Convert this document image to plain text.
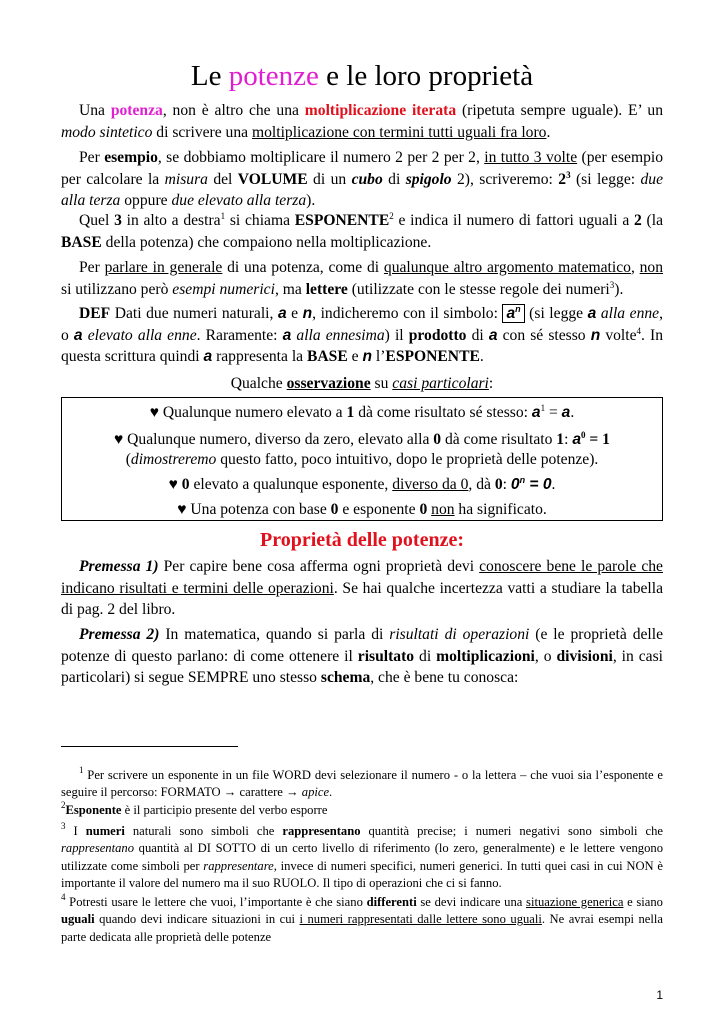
Le potenze e le loro proprietà

Una potenza, non è altro che una moltiplicazione iterata (ripetuta sempre uguale). E’ un modo sintetico di scrivere una moltiplicazione con termini tutti uguali fra loro.

Per esempio, se dobbiamo moltiplicare il numero 2 per 2 per 2, in tutto 3 volte (per esempio per calcolare la misura del VOLUME di un cubo di spigolo 2), scriveremo: $2^3$ (si legge: due alla terza oppure due elevato alla terza).

Quel 3 in alto a destra$^1$ si chiama ESPONENTE$^2$ e indica il numero di fattori uguali a 2 (la BASE della potenza) che compaiono nella moltiplicazione.

Per parlare in generale di una potenza, come di qualunque altro argomento matematico, non si utilizzano però esempi numerici, ma lettere (utilizzate con le stesse regole dei numeri$^3$).

DEF Dati due numeri naturali, a e n, indicheremo con il simbolo: $a^n$ (si legge a alla enne, o a elevato alla enne. Raramente: a alla ennesima) il prodotto di a con sé stesso n volte$^4$. In questa scrittura quindi a rappresenta la BASE e n l’ESPONENTE.

Qualche osservazione su casi particolari:

♥ Qualunque numero elevato a 1 dà come risultato sé stesso: $a^1 = a$.
♥ Qualunque numero, diverso da zero, elevato alla 0 dà come risultato 1: $a^0 = 1$
(dimostreremo questo fatto, poco intuitivo, dopo le proprietà delle potenze).
♥ 0 elevato a qualunque esponente, diverso da 0, dà 0: $0^n = 0$.
♥ Una potenza con base 0 e esponente 0 non ha significato.
Proprietà delle potenze:

Premessa 1) Per capire bene cosa afferma ogni proprietà devi conoscere bene le parole che indicano risultati e termini delle operazioni. Se hai qualche incertezza vatti a studiare la tabella di pag. 2 del libro.

Premessa 2) In matematica, quando si parla di risultati di operazioni (e le proprietà delle potenze di questo parlano: di come ottenere il risultato di moltiplicazioni, o divisioni, in casi particolari) si segue SEMPRE uno stesso schema, che è bene tu conosca:

$^1$ Per scrivere un esponente in un file WORD devi selezionare il numero - o la lettera – che vuoi sia l’esponente e seguire il percorso: FORMATO → carattere → apice.

$^2$Esponente è il participio presente del verbo esporre

$^3$ I numeri naturali sono simboli che rappresentano quantità precise; i numeri negativi sono simboli che rappresentano quantità al DI SOTTO di un certo livello di riferimento (lo zero, generalmente) e le lettere vengono utilizzate come simboli per rappresentare, invece di numeri specifici, numeri generici. In tutti quei casi in cui NON è importante il valore del numero ma il suo RUOLO. Il tipo di operazioni che ci si fanno.

$^4$ Potresti usare le lettere che vuoi, l’importante è che siano differenti se devi indicare una situazione generica e siano uguali quando devi indicare situazioni in cui i numeri rappresentati dalle lettere sono uguali. Ne avrai esempi nella parte dedicata alle proprietà delle potenze

1
